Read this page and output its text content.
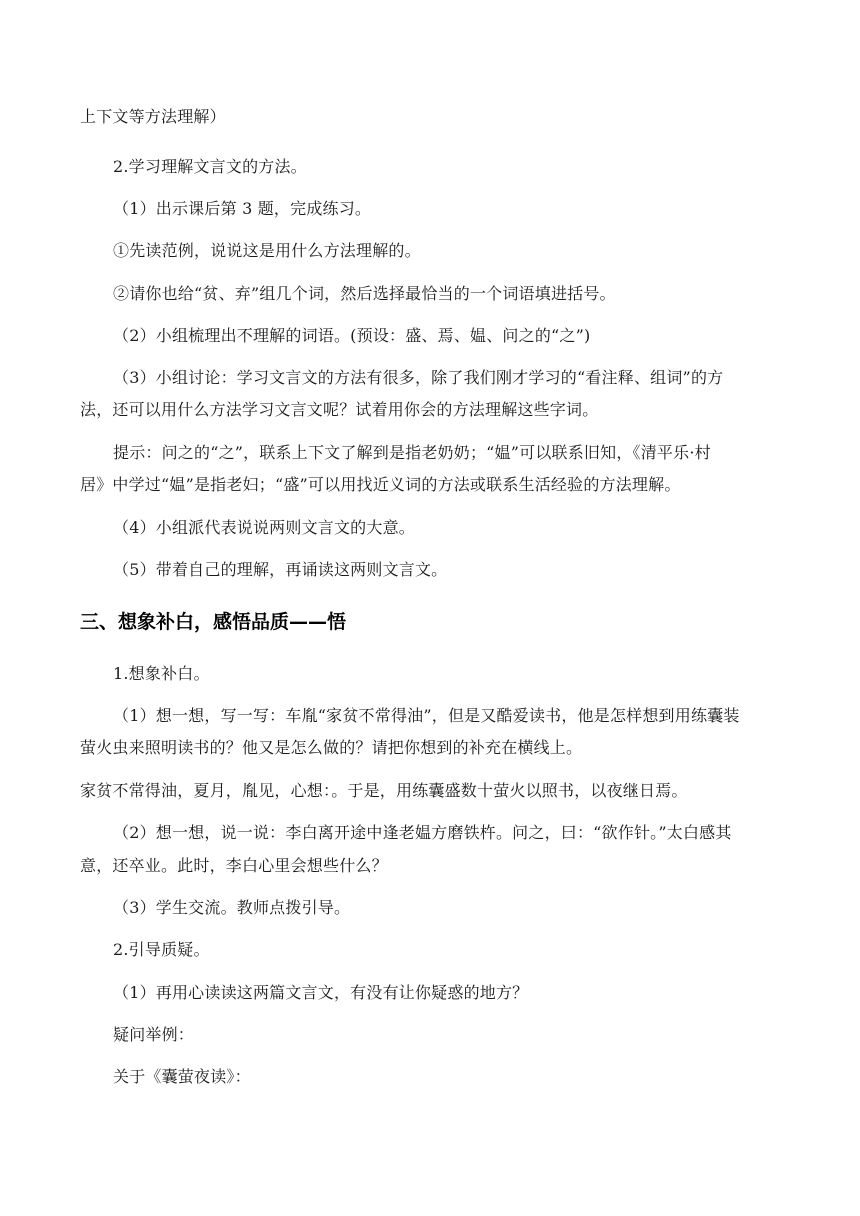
上下文等方法理解）
2.学习理解文言文的方法。
（1）出示课后第 3 题，完成练习。
①先读范例，说说这是用什么方法理解的。
②请你也给“贫、弃”组几个词，然后选择最恰当的一个词语填进括号。
（2）小组梳理出不理解的词语。(预设：盛、焉、媪、问之的“之”)
（3）小组讨论：学习文言文的方法有很多，除了我们刚才学习的“看注释、组词”的方
法，还可以用什么方法学习文言文呢？试着用你会的方法理解这些字词。
提示：问之的“之”，联系上下文了解到是指老奶奶；“媪”可以联系旧知，《清平乐·村
居》中学过“媪”是指老妇；“盛”可以用找近义词的方法或联系生活经验的方法理解。
（4）小组派代表说说两则文言文的大意。
（5）带着自己的理解，再诵读这两则文言文。
三、想象补白，感悟品质——悟
1.想象补白。
（1）想一想，写一写：车胤“家贫不常得油”，但是又酷爱读书，他是怎样想到用练囊装
萤火虫来照明读书的？他又是怎么做的？请把你想到的补充在横线上。
家贫不常得油，夏月，胤见，心想：。于是，用练囊盛数十萤火以照书，以夜继日焉。
（2）想一想，说一说：李白离开途中逢老媪方磨铁杵。问之，曰：“欲作针。”太白感其
意，还卒业。此时，李白心里会想些什么？
（3）学生交流。教师点拨引导。
2.引导质疑。
（1）再用心读读这两篇文言文，有没有让你疑惑的地方？
疑问举例：
关于《囊萤夜读》：
